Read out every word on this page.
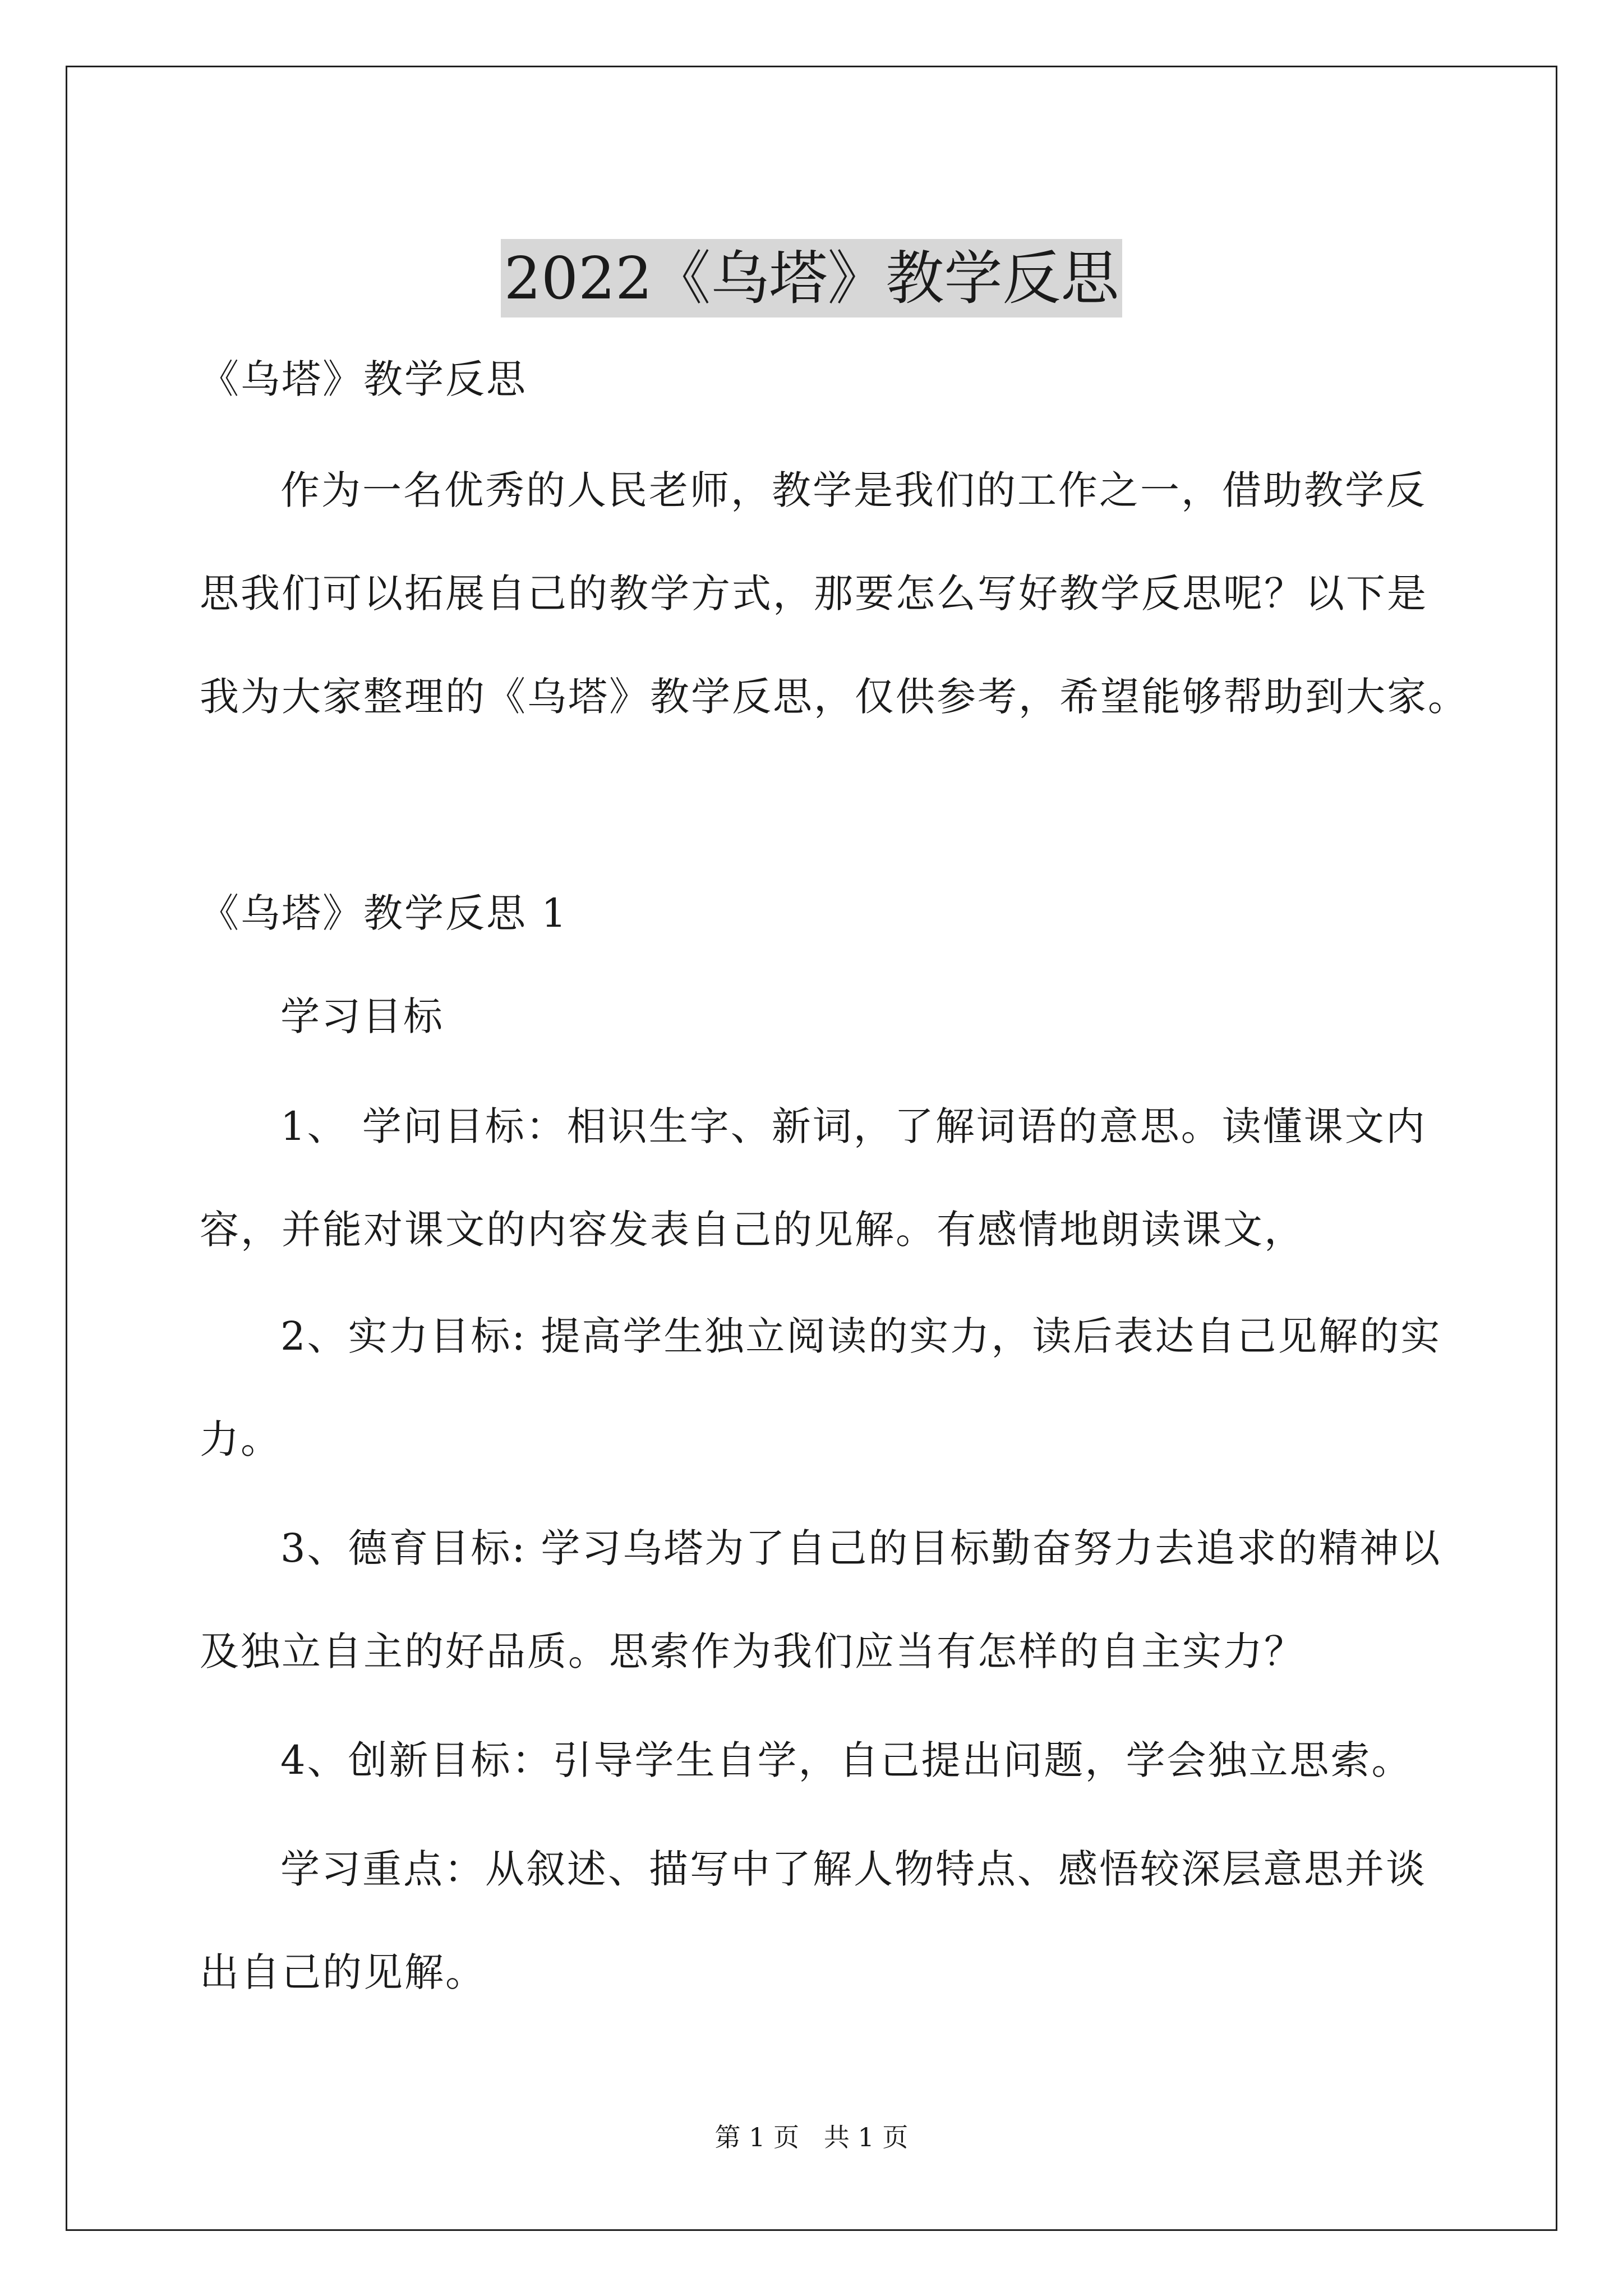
2022《乌塔》教学反思
《乌塔》教学反思
作为一名优秀的人民老师，教学是我们的工作之一，借助教学反
思我们可以拓展自己的教学方式，那要怎么写好教学反思呢？以下是
我为大家整理的《乌塔》教学反思，仅供参考，希望能够帮助到大家。
《乌塔》教学反思 1
学习目标
1、 学问目标：相识生字、新词，了解词语的意思。读懂课文内
容，并能对课文的内容发表自己的见解。有感情地朗读课文，
2、实力目标: 提高学生独立阅读的实力，读后表达自己见解的实
力。
3、德育目标: 学习乌塔为了自己的目标勤奋努力去追求的精神以
及独立自主的好品质。思索作为我们应当有怎样的自主实力？
4、创新目标：引导学生自学，自己提出问题，学会独立思索。
学习重点：从叙述、描写中了解人物特点、感悟较深层意思并谈
出自己的见解。
第 1 页   共 1 页
